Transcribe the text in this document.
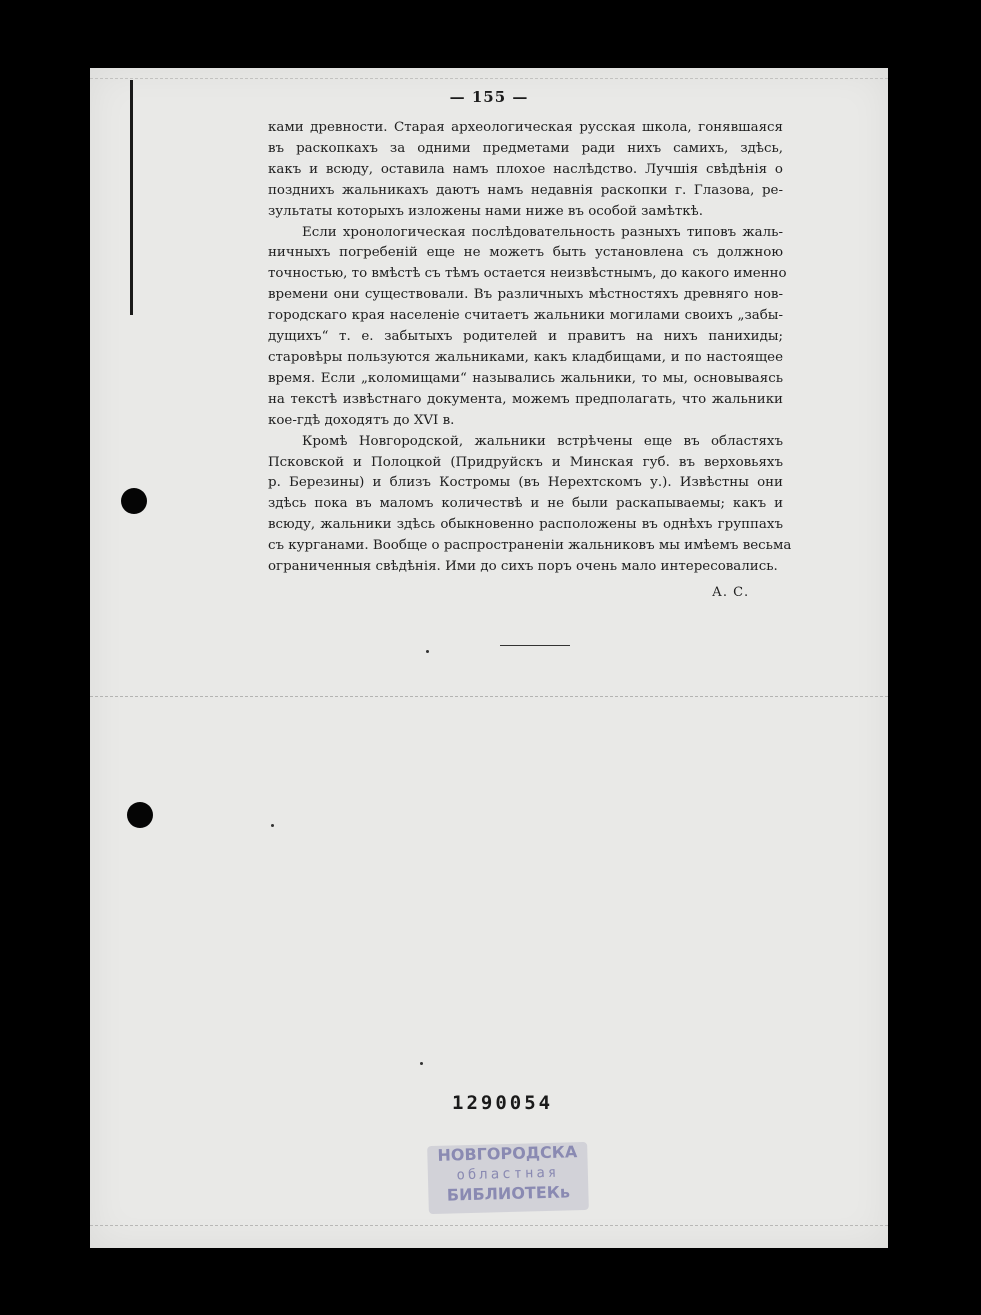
— 155 —
ками древности. Старая археологическая русская школа, гонявшаяся
въ раскопкахъ за одними предметами ради нихъ самихъ, здѣсь,
какъ и всюду, оставила намъ плохое наслѣдство. Лучшія свѣдѣнія о
позднихъ жальникахъ даютъ намъ недавнія раскопки г. Глазова, ре-
зультаты которыхъ изложены нами ниже въ особой замѣткѣ.
Если хронологическая послѣдовательность разныхъ типовъ жаль-
ничныхъ погребеній еще не можетъ быть установлена съ должною
точностью, то вмѣстѣ съ тѣмъ остается неизвѣстнымъ, до какого именно
времени они существовали. Въ различныхъ мѣстностяхъ древняго нов-
городскаго края населеніе считаетъ жальники могилами своихъ „забы-
дущихъ“ т. е. забытыхъ родителей и правитъ на нихъ панихиды;
старовѣры пользуются жальниками, какъ кладбищами, и по настоящее
время. Если „коломищами“ назывались жальники, то мы, основываясь
на текстѣ извѣстнаго документа, можемъ предполагать, что жальники
кое-гдѣ доходятъ до XVI в.
Кромѣ Новгородской, жальники встрѣчены еще въ областяхъ
Псковской и Полоцкой (Придруйскъ и Минская губ. въ верховьяхъ
р. Березины) и близъ Костромы (въ Нерехтскомъ у.). Извѣстны они
здѣсь пока въ маломъ количествѣ и не были раскапываемы; какъ и
всюду, жальники здѣсь обыкновенно расположены въ однѣхъ группахъ
съ курганами. Вообще о распространеніи жальниковъ мы имѣемъ весьма
ограниченныя свѣдѣнія. Ими до сихъ поръ очень мало интересовались.
А. С.
1290054
НОВГОРОДСКА
областная
БИБЛИОТЕКь
